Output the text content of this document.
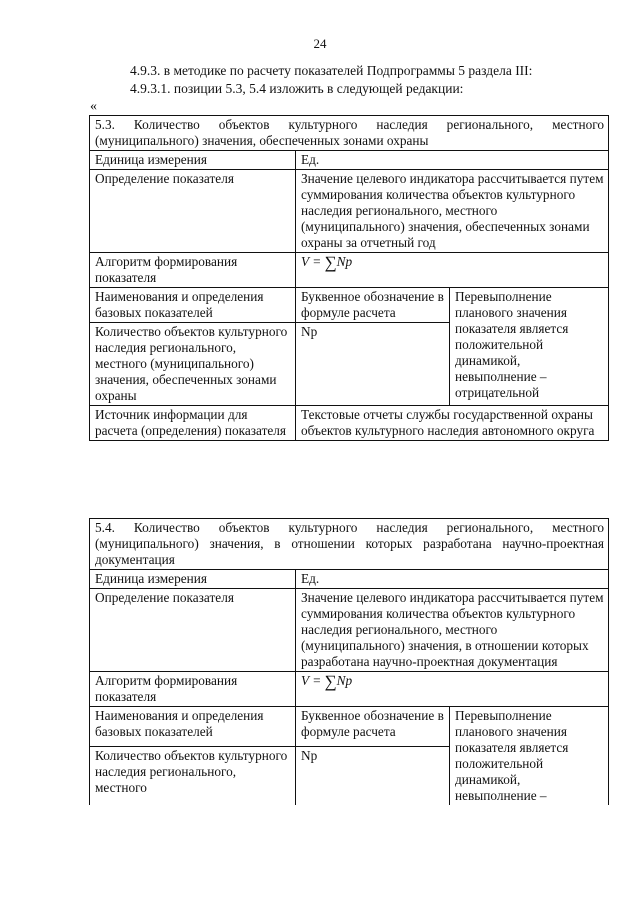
24
4.9.3. в методике по расчету показателей Подпрограммы 5 раздела III:
4.9.3.1. позиции 5.3, 5.4 изложить в следующей редакции:
«
5.3. Количество объектов культурного наследия регионального, местного (муниципального) значения, обеспеченных зонами охраны		
Единица измерения	Ед.	
Определение показателя	Значение целевого индикатора рассчитывается путем суммирования количества объектов культурного наследия регионального, местного (муниципального) значения, обеспеченных зонами охраны за отчетный год	
Алгоритм формирования показателя	V = ∑Np	
Наименования и определения базовых показателей	Буквенное обозначение в формуле расчета	Перевыполнение планового значения показателя является положительной динамикой, невыполнение – отрицательной
Количество объектов культурного наследия регионального, местного (муниципального) значения, обеспеченных зонами охраны	Np	
Источник информации для расчета (определения) показателя	Текстовые отчеты службы государственной охраны объектов культурного наследия автономного округа	
5.4. Количество объектов культурного наследия регионального, местного (муниципального) значения, в отношении которых разработана научно-проектная документация		
Единица измерения	Ед.	
Определение показателя	Значение целевого индикатора рассчитывается путем суммирования количества объектов культурного наследия регионального, местного (муниципального) значения, в отношении которых разработана научно-проектная документация	
Алгоритм формирования показателя	V = ∑Np	
Наименования и определения базовых показателей	Буквенное обозначение в формуле расчета	Перевыполнение планового значения показателя является положительной динамикой, невыполнение –
Количество объектов культурного наследия регионального, местного	Np	
